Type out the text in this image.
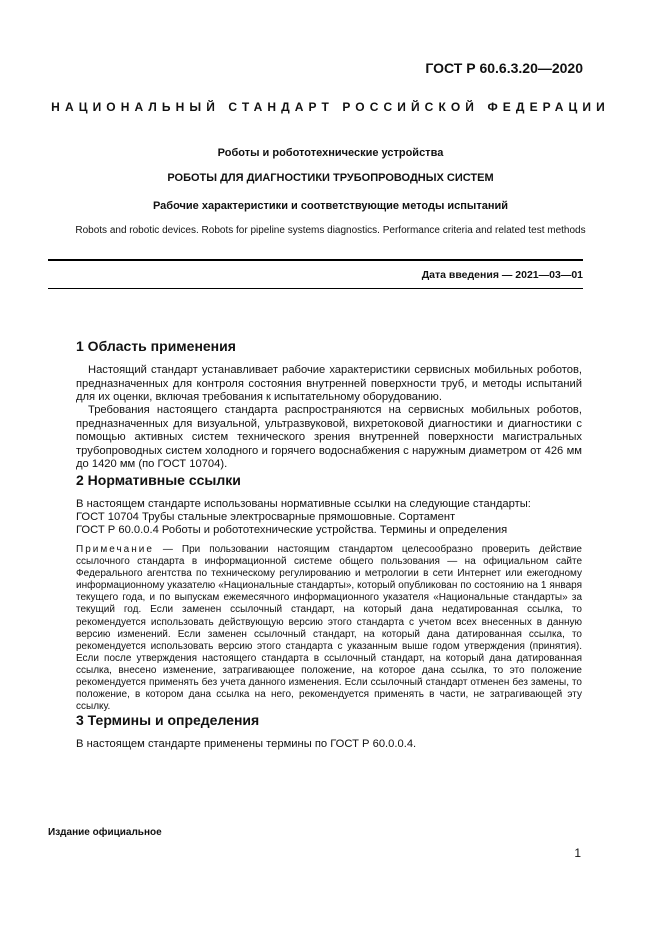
ГОСТ Р 60.6.3.20—2020
НАЦИОНАЛЬНЫЙ СТАНДАРТ РОССИЙСКОЙ ФЕДЕРАЦИИ
Роботы и робототехнические устройства
РОБОТЫ ДЛЯ ДИАГНОСТИКИ ТРУБОПРОВОДНЫХ СИСТЕМ
Рабочие характеристики и соответствующие методы испытаний
Robots and robotic devices. Robots for pipeline systems diagnostics. Performance criteria and related test methods
Дата введения — 2021—03—01
1 Область применения
Настоящий стандарт устанавливает рабочие характеристики сервисных мобильных роботов, предназначенных для контроля состояния внутренней поверхности труб, и методы испытаний для их оценки, включая требования к испытательному оборудованию.
Требования настоящего стандарта распространяются на сервисных мобильных роботов, предназначенных для визуальной, ультразвуковой, вихретоковой диагностики и диагностики с помощью активных систем технического зрения внутренней поверхности магистральных трубопроводных систем холодного и горячего водоснабжения с наружным диаметром от 426 мм до 1420 мм (по ГОСТ 10704).
2 Нормативные ссылки
В настоящем стандарте использованы нормативные ссылки на следующие стандарты:
ГОСТ 10704 Трубы стальные электросварные прямошовные. Сортамент
ГОСТ Р 60.0.0.4 Роботы и робототехнические устройства. Термины и определения
Примечание — При пользовании настоящим стандартом целесообразно проверить действие ссылочного стандарта в информационной системе общего пользования — на официальном сайте Федерального агентства по техническому регулированию и метрологии в сети Интернет или ежегодному информационному указателю «Национальные стандарты», который опубликован по состоянию на 1 января текущего года, и по выпускам ежемесячного информационного указателя «Национальные стандарты» за текущий год. Если заменен ссылочный стандарт, на который дана недатированная ссылка, то рекомендуется использовать действующую версию этого стандарта с учетом всех внесенных в данную версию изменений. Если заменен ссылочный стандарт, на который дана датированная ссылка, то рекомендуется использовать версию этого стандарта с указанным выше годом утверждения (принятия). Если после утверждения настоящего стандарта в ссылочный стандарт, на который дана датированная ссылка, внесено изменение, затрагивающее положение, на которое дана ссылка, то это положение рекомендуется применять без учета данного изменения. Если ссылочный стандарт отменен без замены, то положение, в котором дана ссылка на него, рекомендуется применять в части, не затрагивающей эту ссылку.
3 Термины и определения
В настоящем стандарте применены термины по ГОСТ Р 60.0.0.4.
Издание официальное
1
